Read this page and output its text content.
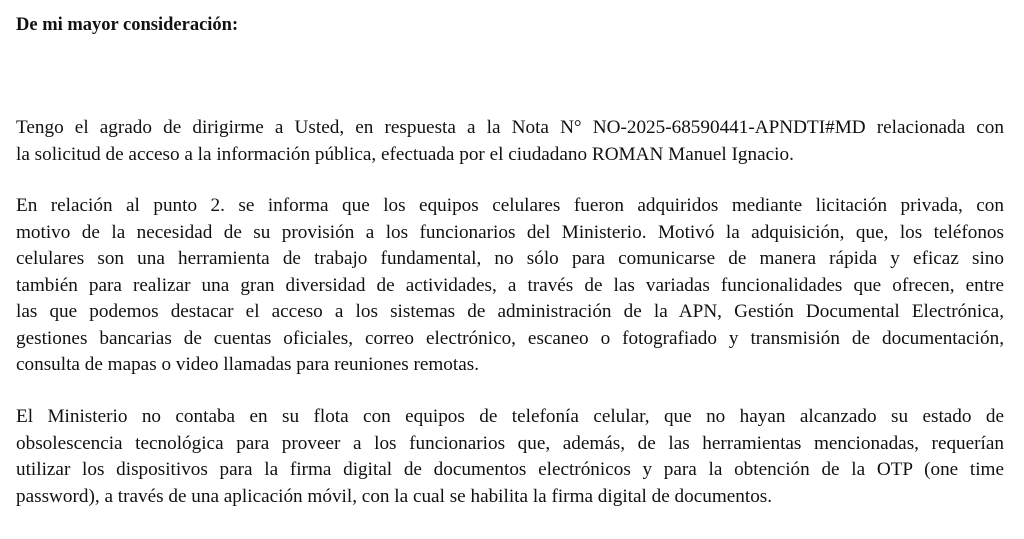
De mi mayor consideración:
Tengo el agrado de dirigirme a Usted, en respuesta a la Nota N° NO-2025-68590441-APNDTI#MD relacionada con
la solicitud de acceso a la información pública, efectuada por el ciudadano ROMAN Manuel Ignacio.
En relación al punto 2. se informa que los equipos celulares fueron adquiridos mediante licitación privada, con
motivo de la necesidad de su provisión a los funcionarios del Ministerio. Motivó la adquisición, que, los teléfonos
celulares son una herramienta de trabajo fundamental, no sólo para comunicarse de manera rápida y eficaz sino
también para realizar una gran diversidad de actividades, a través de las variadas funcionalidades que ofrecen, entre
las que podemos destacar el acceso a los sistemas de administración de la APN, Gestión Documental Electrónica,
gestiones bancarias de cuentas oficiales, correo electrónico, escaneo o fotografiado y transmisión de documentación,
consulta de mapas o video llamadas para reuniones remotas.
El Ministerio no contaba en su flota con equipos de telefonía celular, que no hayan alcanzado su estado de
obsolescencia tecnológica para proveer a los funcionarios que, además, de las herramientas mencionadas, requerían
utilizar los dispositivos para la firma digital de documentos electrónicos y para la obtención de la OTP (one time
password), a través de una aplicación móvil, con la cual se habilita la firma digital de documentos.
